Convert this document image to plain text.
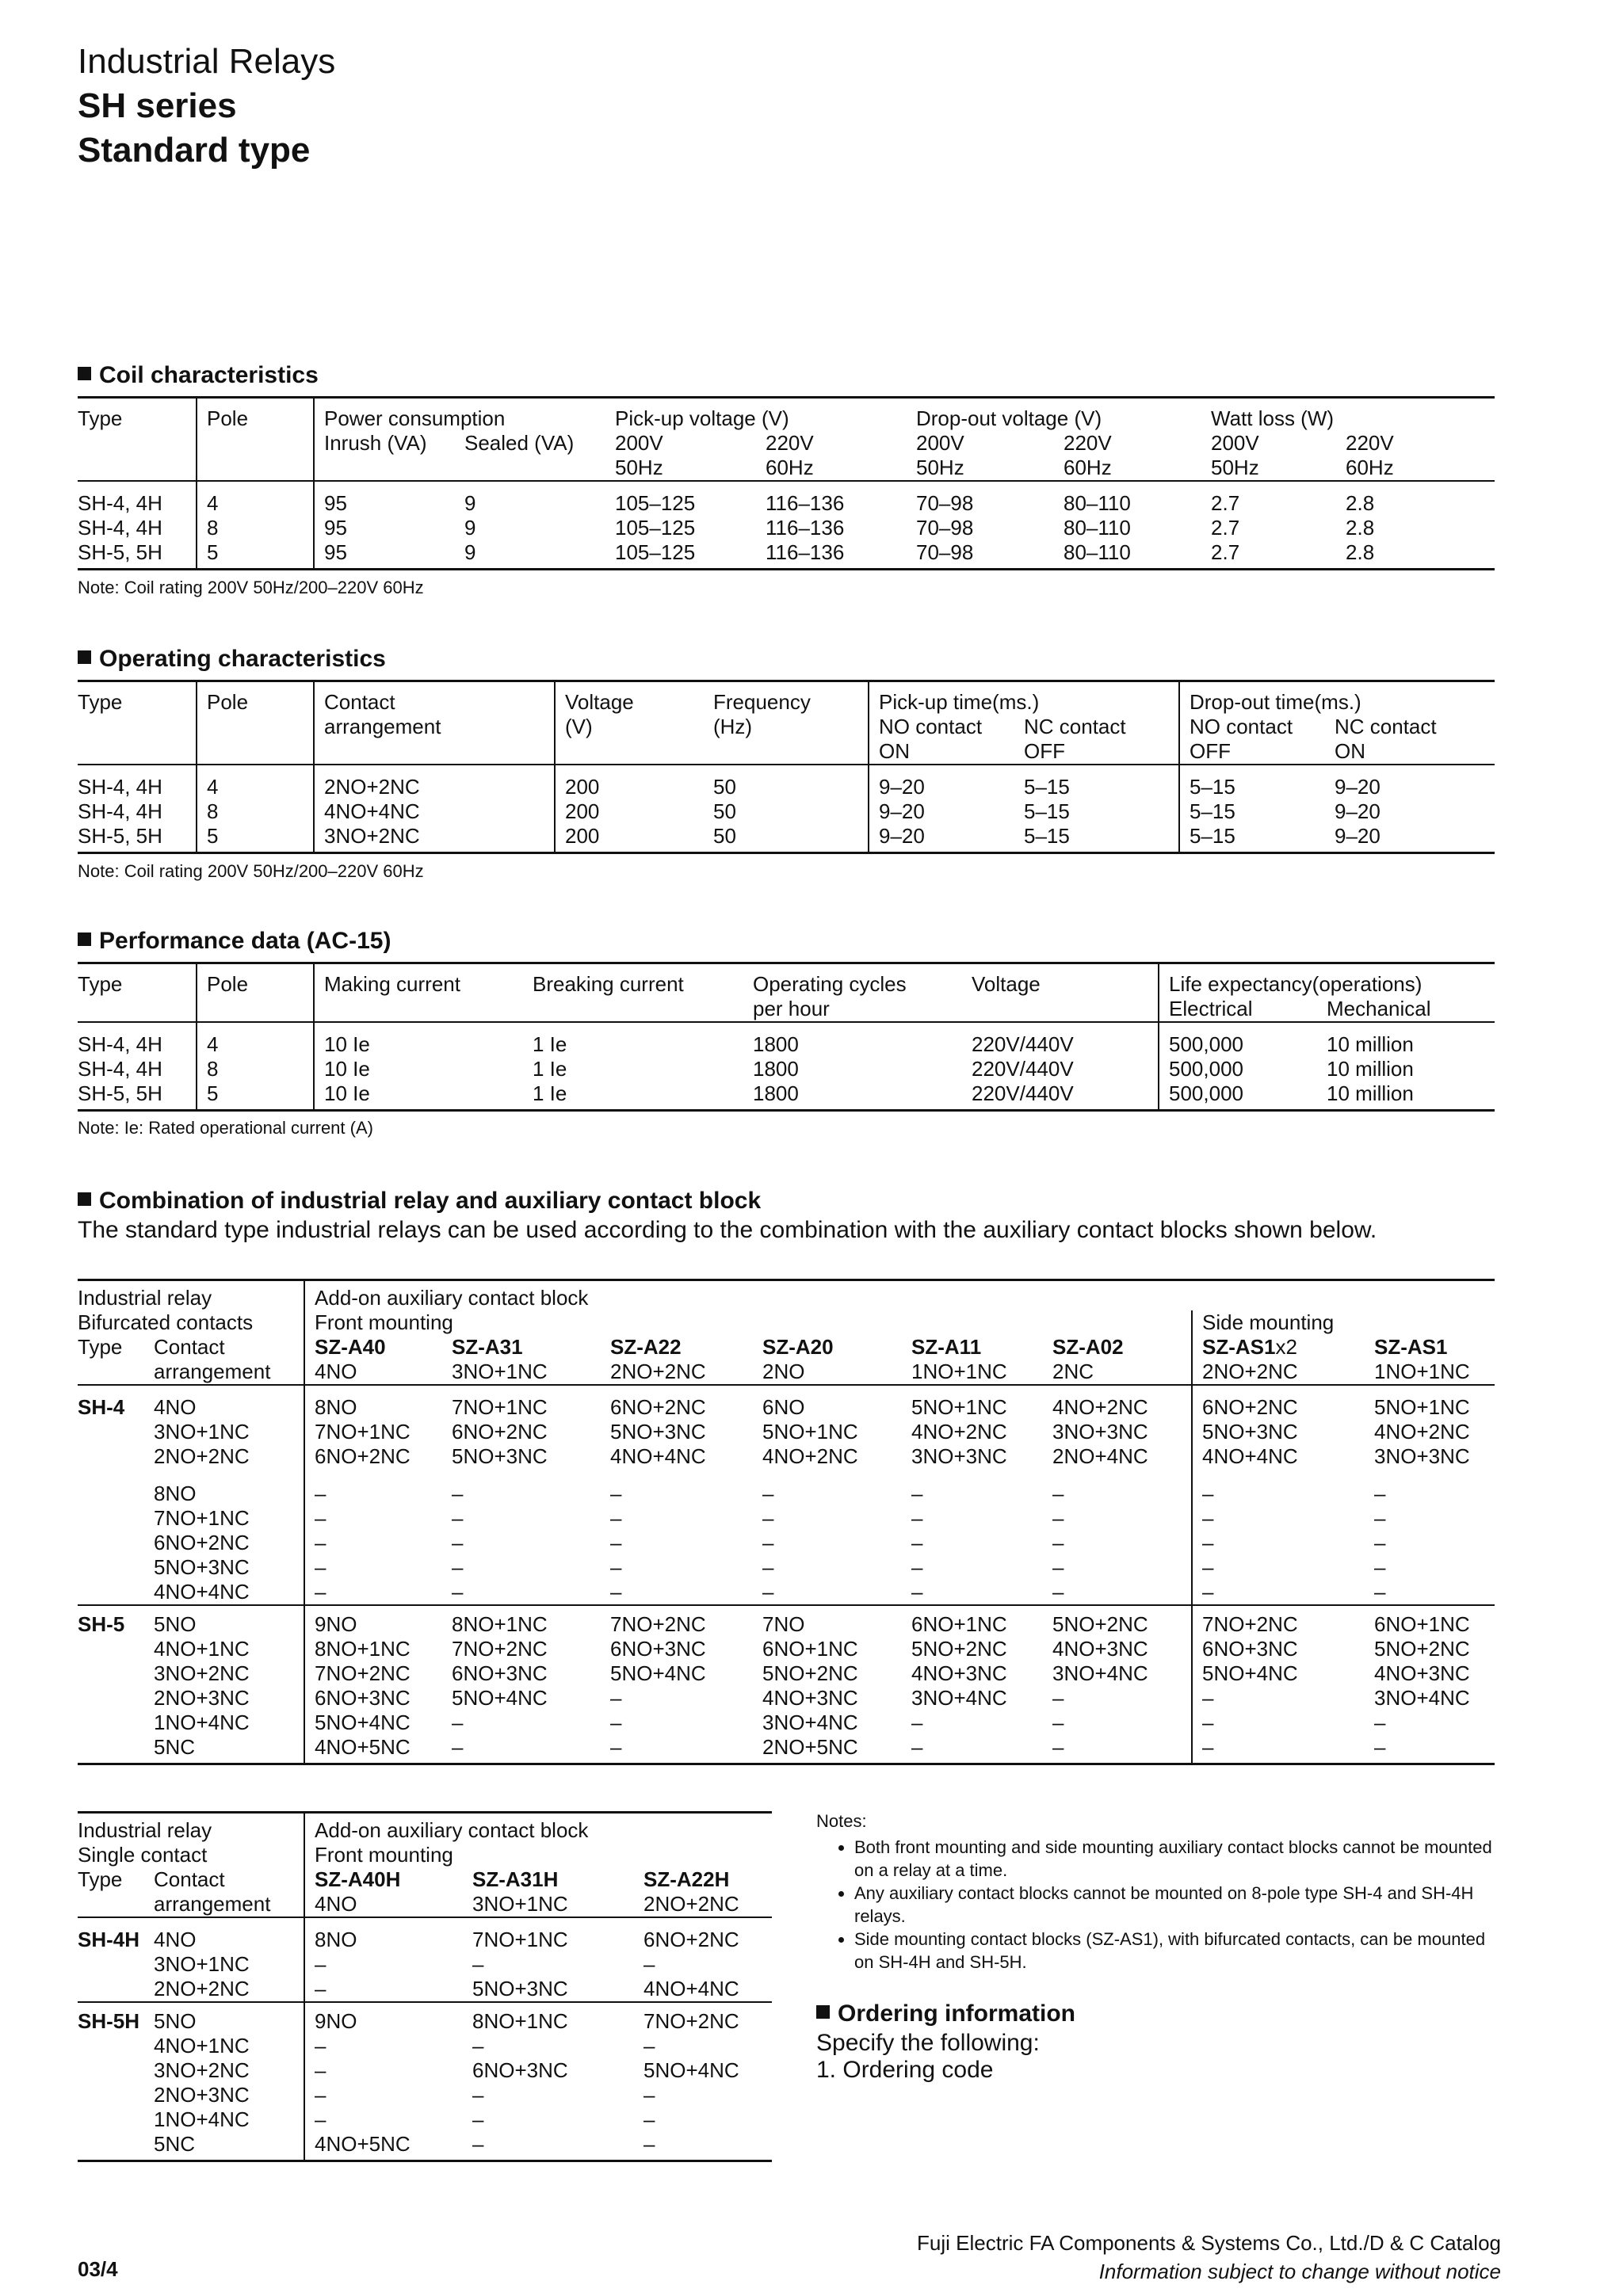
Industrial Relays
SH series
Standard type
Coil characteristics
Type	Pole	Power consumption		Pick-up voltage (V)		Drop-out voltage (V)		Watt loss (W)	
		Inrush (VA)	Sealed (VA)	200V	220V	200V	220V	200V	220V
				50Hz	60Hz	50Hz	60Hz	50Hz	60Hz
SH-4, 4H	4	95	9	105–125	116–136	70–98	80–110	2.7	2.8
SH-4, 4H	8	95	9	105–125	116–136	70–98	80–110	2.7	2.8
SH-5, 5H	5	95	9	105–125	116–136	70–98	80–110	2.7	2.8
Note: Coil rating 200V 50Hz/200–220V 60Hz
Operating characteristics
Type	Pole	Contact	Voltage	Frequency	Pick-up time(ms.)		Drop-out time(ms.)	
		arrangement	(V)	(Hz)	NO contact	NC contact	NO contact	NC contact
					ON	OFF	OFF	ON
SH-4, 4H	4	2NO+2NC	200	50	9–20	5–15	5–15	9–20
SH-4, 4H	8	4NO+4NC	200	50	9–20	5–15	5–15	9–20
SH-5, 5H	5	3NO+2NC	200	50	9–20	5–15	5–15	9–20
Note: Coil rating 200V 50Hz/200–220V 60Hz
Performance data (AC-15)
Type	Pole	Making current	Breaking current	Operating cycles	Voltage	Life expectancy(operations)	
				per hour		Electrical	Mechanical
SH-4, 4H	4	10 Ie	1 Ie	1800	220V/440V	500,000	10 million
SH-4, 4H	8	10 Ie	1 Ie	1800	220V/440V	500,000	10 million
SH-5, 5H	5	10 Ie	1 Ie	1800	220V/440V	500,000	10 million
Note: Ie: Rated operational current (A)
Combination of industrial relay and auxiliary contact block
The standard type industrial relays can be used according to the combination with the auxiliary contact blocks shown below.
Industrial relay		Add-on auxiliary contact block							
Bifurcated contacts		Front mounting						Side mounting	
Type	Contact	SZ-A40	SZ-A31	SZ-A22	SZ-A20	SZ-A11	SZ-A02	SZ-AS1x2	SZ-AS1
	arrangement	4NO	3NO+1NC	2NO+2NC	2NO	1NO+1NC	2NC	2NO+2NC	1NO+1NC
SH-4	4NO	8NO	7NO+1NC	6NO+2NC	6NO	5NO+1NC	4NO+2NC	6NO+2NC	5NO+1NC
	3NO+1NC	7NO+1NC	6NO+2NC	5NO+3NC	5NO+1NC	4NO+2NC	3NO+3NC	5NO+3NC	4NO+2NC
	2NO+2NC	6NO+2NC	5NO+3NC	4NO+4NC	4NO+2NC	3NO+3NC	2NO+4NC	4NO+4NC	3NO+3NC
	8NO	–	–	–	–	–	–	–	–
	7NO+1NC	–	–	–	–	–	–	–	–
	6NO+2NC	–	–	–	–	–	–	–	–
	5NO+3NC	–	–	–	–	–	–	–	–
	4NO+4NC	–	–	–	–	–	–	–	–
SH-5	5NO	9NO	8NO+1NC	7NO+2NC	7NO	6NO+1NC	5NO+2NC	7NO+2NC	6NO+1NC
	4NO+1NC	8NO+1NC	7NO+2NC	6NO+3NC	6NO+1NC	5NO+2NC	4NO+3NC	6NO+3NC	5NO+2NC
	3NO+2NC	7NO+2NC	6NO+3NC	5NO+4NC	5NO+2NC	4NO+3NC	3NO+4NC	5NO+4NC	4NO+3NC
	2NO+3NC	6NO+3NC	5NO+4NC	–	4NO+3NC	3NO+4NC	–	–	3NO+4NC
	1NO+4NC	5NO+4NC	–	–	3NO+4NC	–	–	–	–
	5NC	4NO+5NC	–	–	2NO+5NC	–	–	–	–
Industrial relay		Add-on auxiliary contact block		
Single contact		Front mounting		
Type	Contact	SZ-A40H	SZ-A31H	SZ-A22H
	arrangement	4NO	3NO+1NC	2NO+2NC
SH-4H	4NO	8NO	7NO+1NC	6NO+2NC
	3NO+1NC	–	–	–
	2NO+2NC	–	5NO+3NC	4NO+4NC
SH-5H	5NO	9NO	8NO+1NC	7NO+2NC
	4NO+1NC	–	–	–
	3NO+2NC	–	6NO+3NC	5NO+4NC
	2NO+3NC	–	–	–
	1NO+4NC	–	–	–
	5NC	4NO+5NC	–	–
Notes:
• Both front mounting and side mounting auxiliary contact blocks cannot be mounted on a relay at a time.
• Any auxiliary contact blocks cannot be mounted on 8-pole type SH-4 and SH-4H relays.
• Side mounting contact blocks (SZ-AS1), with bifurcated contacts, can be mounted on SH-4H and SH-5H.
Ordering information
Specify the following:
1. Ordering code
Fuji Electric FA Components & Systems Co., Ltd./D & C Catalog
Information subject to change without notice
03/4
